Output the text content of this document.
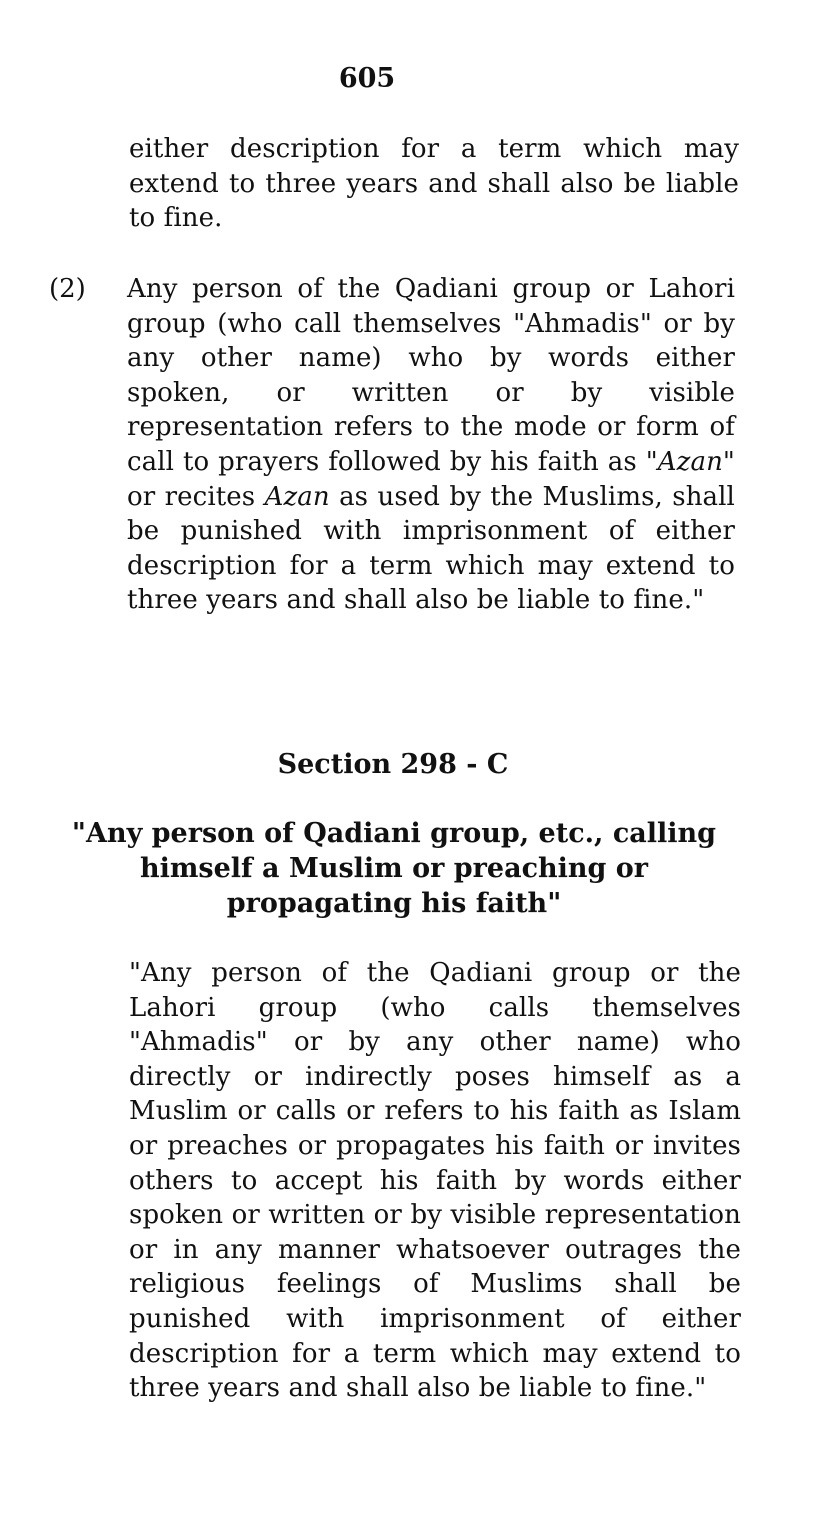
605

either description for a term which may extend to three years and shall also be liable to fine.

(2) Any person of the Qadiani group or Lahori group (who call themselves "Ahmadis" or by any other name) who by words either spoken, or written or by visible representation refers to the mode or form of call to prayers followed by his faith as "Azan" or recites Azan as used by the Muslims, shall be punished with imprisonment of either description for a term which may extend to three years and shall also be liable to fine."

Section 298 - C
"Any person of Qadiani group, etc., calling himself a Muslim or preaching or propagating his faith"

"Any person of the Qadiani group or the Lahori group (who calls themselves "Ahmadis" or by any other name) who directly or indirectly poses himself as a Muslim or calls or refers to his faith as Islam or preaches or propagates his faith or invites others to accept his faith by words either spoken or written or by visible representation or in any manner whatsoever outrages the religious feelings of Muslims shall be punished with imprisonment of either description for a term which may extend to three years and shall also be liable to fine."
